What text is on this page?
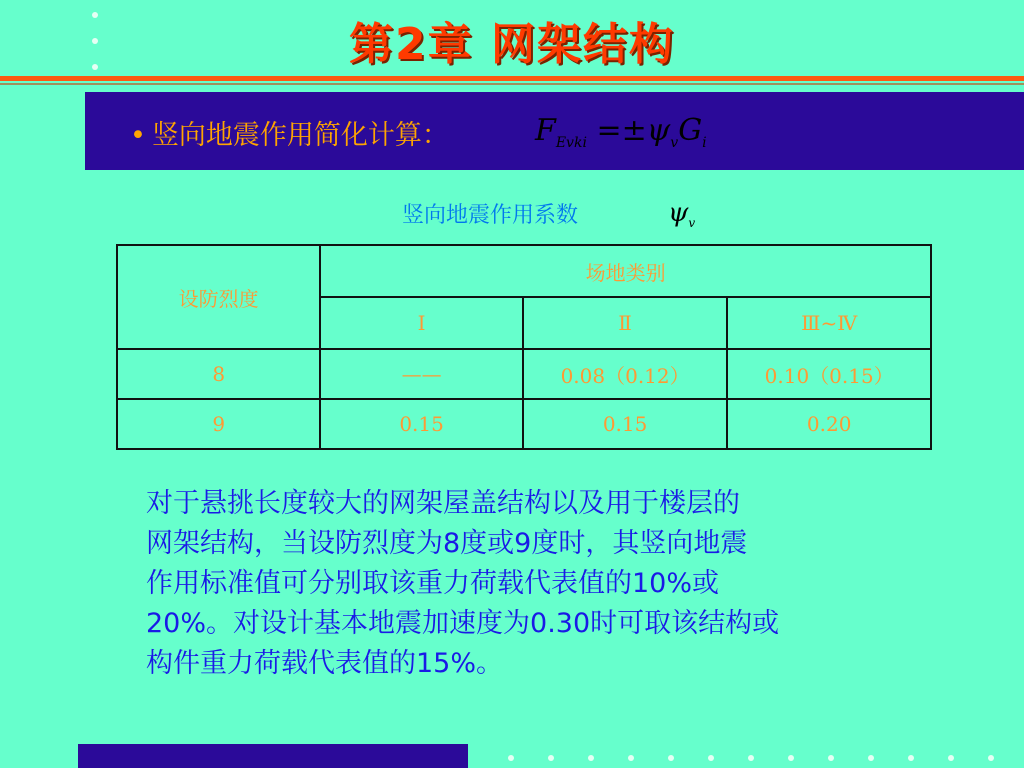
第2章 网架结构
• 竖向地震作用简化计算：	$F_{Evki} =\pm\psi_vG_i$
竖向地震作用系数	$\psi_v$
设防烈度	场地类别		
	Ⅰ	Ⅱ	Ⅲ~Ⅳ
8	——	0.08（0.12）	0.10（0.15）
9	0.15	0.15	0.20
对于悬挑长度较大的网架屋盖结构以及用于楼层的
网架结构，当设防烈度为8度或9度时，其竖向地震
作用标准值可分别取该重力荷载代表值的10%或
20%。对设计基本地震加速度为0.30时可取该结构或
构件重力荷载代表值的15%。
